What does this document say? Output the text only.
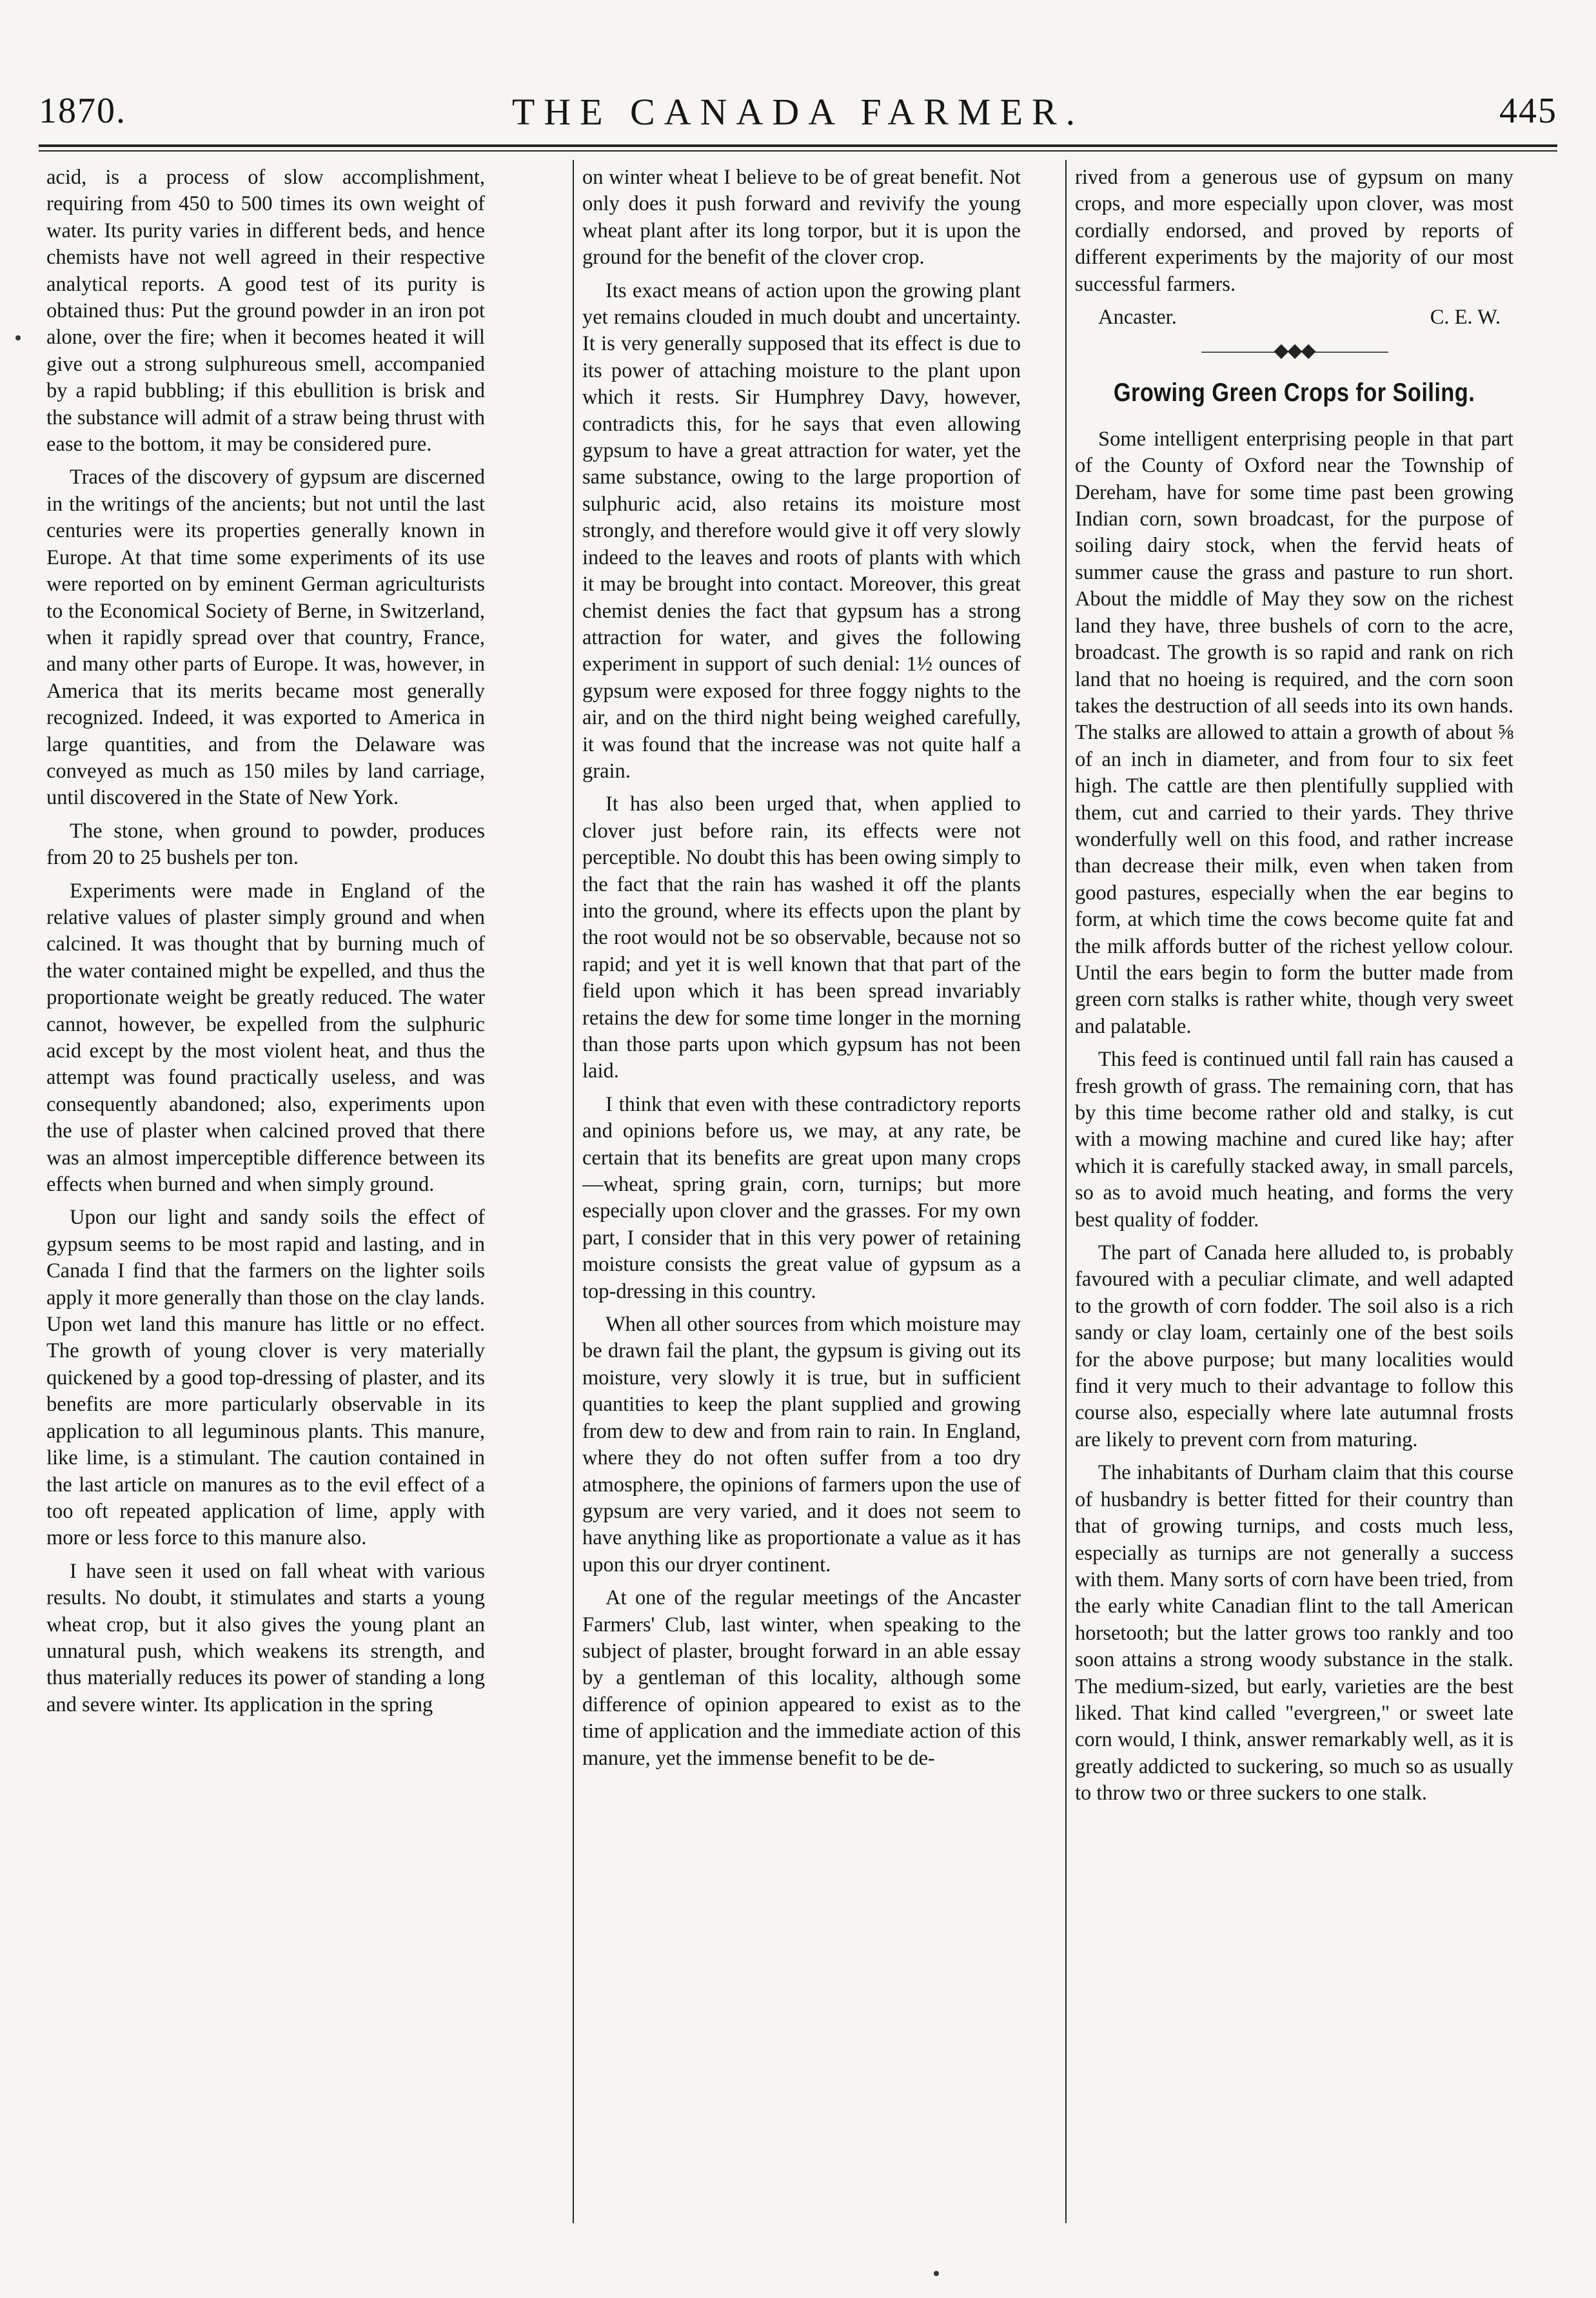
1870.	THE CANADA FARMER.	445

acid, is a process of slow accomplishment, requiring from 450 to 500 times its own weight of water. Its purity varies in different beds, and hence chemists have not well agreed in their respective analytical reports. A good test of its purity is obtained thus: Put the ground powder in an iron pot alone, over the fire; when it becomes heated it will give out a strong sulphureous smell, accompanied by a rapid bubbling; if this ebullition is brisk and the substance will admit of a straw being thrust with ease to the bottom, it may be considered pure.

Traces of the discovery of gypsum are discerned in the writings of the ancients; but not until the last centuries were its properties generally known in Europe. At that time some experiments of its use were reported on by eminent German agriculturists to the Economical Society of Berne, in Switzerland, when it rapidly spread over that country, France, and many other parts of Europe. It was, however, in America that its merits became most generally recognized. Indeed, it was exported to America in large quantities, and from the Delaware was conveyed as much as 150 miles by land carriage, until discovered in the State of New York.

The stone, when ground to powder, produces from 20 to 25 bushels per ton.

Experiments were made in England of the relative values of plaster simply ground and when calcined. It was thought that by burning much of the water contained might be expelled, and thus the proportionate weight be greatly reduced. The water cannot, however, be expelled from the sulphuric acid except by the most violent heat, and thus the attempt was found practically useless, and was consequently abandoned; also, experiments upon the use of plaster when calcined proved that there was an almost imperceptible difference between its effects when burned and when simply ground.

Upon our light and sandy soils the effect of gypsum seems to be most rapid and lasting, and in Canada I find that the farmers on the lighter soils apply it more generally than those on the clay lands. Upon wet land this manure has little or no effect. The growth of young clover is very materially quickened by a good top-dressing of plaster, and its benefits are more particularly observable in its application to all leguminous plants. This manure, like lime, is a stimulant. The caution contained in the last article on manures as to the evil effect of a too oft repeated application of lime, apply with more or less force to this manure also.

I have seen it used on fall wheat with various results. No doubt, it stimulates and starts a young wheat crop, but it also gives the young plant an unnatural push, which weakens its strength, and thus materially reduces its power of standing a long and severe winter. Its application in the spring

on winter wheat I believe to be of great benefit. Not only does it push forward and revivify the young wheat plant after its long torpor, but it is upon the ground for the benefit of the clover crop.

Its exact means of action upon the growing plant yet remains clouded in much doubt and uncertainty. It is very generally supposed that its effect is due to its power of attaching moisture to the plant upon which it rests. Sir Humphrey Davy, however, contradicts this, for he says that even allowing gypsum to have a great attraction for water, yet the same substance, owing to the large proportion of sulphuric acid, also retains its moisture most strongly, and therefore would give it off very slowly indeed to the leaves and roots of plants with which it may be brought into contact. Moreover, this great chemist denies the fact that gypsum has a strong attraction for water, and gives the following experiment in support of such denial: 1½ ounces of gypsum were exposed for three foggy nights to the air, and on the third night being weighed carefully, it was found that the increase was not quite half a grain.

It has also been urged that, when applied to clover just before rain, its effects were not perceptible. No doubt this has been owing simply to the fact that the rain has washed it off the plants into the ground, where its effects upon the plant by the root would not be so observable, because not so rapid; and yet it is well known that that part of the field upon which it has been spread invariably retains the dew for some time longer in the morning than those parts upon which gypsum has not been laid.

I think that even with these contradictory reports and opinions before us, we may, at any rate, be certain that its benefits are great upon many crops—wheat, spring grain, corn, turnips; but more especially upon clover and the grasses. For my own part, I consider that in this very power of retaining moisture consists the great value of gypsum as a top-dressing in this country.

When all other sources from which moisture may be drawn fail the plant, the gypsum is giving out its moisture, very slowly it is true, but in sufficient quantities to keep the plant supplied and growing from dew to dew and from rain to rain. In England, where they do not often suffer from a too dry atmosphere, the opinions of farmers upon the use of gypsum are very varied, and it does not seem to have anything like as proportionate a value as it has upon this our dryer continent.

At one of the regular meetings of the Ancaster Farmers' Club, last winter, when speaking to the subject of plaster, brought forward in an able essay by a gentleman of this locality, although some difference of opinion appeared to exist as to the time of application and the immediate action of this manure, yet the immense benefit to be de-

rived from a generous use of gypsum on many crops, and more especially upon clover, was most cordially endorsed, and proved by reports of different experiments by the majority of our most successful farmers.

Ancaster.	C. E. W.
————◆◆◆————
Growing Green Crops for Soiling.

Some intelligent enterprising people in that part of the County of Oxford near the Township of Dereham, have for some time past been growing Indian corn, sown broadcast, for the purpose of soiling dairy stock, when the fervid heats of summer cause the grass and pasture to run short. About the middle of May they sow on the richest land they have, three bushels of corn to the acre, broadcast. The growth is so rapid and rank on rich land that no hoeing is required, and the corn soon takes the destruction of all seeds into its own hands. The stalks are allowed to attain a growth of about ⅝ of an inch in diameter, and from four to six feet high. The cattle are then plentifully supplied with them, cut and carried to their yards. They thrive wonderfully well on this food, and rather increase than decrease their milk, even when taken from good pastures, especially when the ear begins to form, at which time the cows become quite fat and the milk affords butter of the richest yellow colour. Until the ears begin to form the butter made from green corn stalks is rather white, though very sweet and palatable.

This feed is continued until fall rain has caused a fresh growth of grass. The remaining corn, that has by this time become rather old and stalky, is cut with a mowing machine and cured like hay; after which it is carefully stacked away, in small parcels, so as to avoid much heating, and forms the very best quality of fodder.

The part of Canada here alluded to, is probably favoured with a peculiar climate, and well adapted to the growth of corn fodder. The soil also is a rich sandy or clay loam, certainly one of the best soils for the above purpose; but many localities would find it very much to their advantage to follow this course also, especially where late autumnal frosts are likely to prevent corn from maturing.

The inhabitants of Durham claim that this course of husbandry is better fitted for their country than that of growing turnips, and costs much less, especially as turnips are not generally a success with them. Many sorts of corn have been tried, from the early white Canadian flint to the tall American horsetooth; but the latter grows too rankly and too soon attains a strong woody substance in the stalk. The medium-sized, but early, varieties are the best liked. That kind called "evergreen," or sweet late corn would, I think, answer remarkably well, as it is greatly addicted to suckering, so much so as usually to throw two or three suckers to one stalk.
